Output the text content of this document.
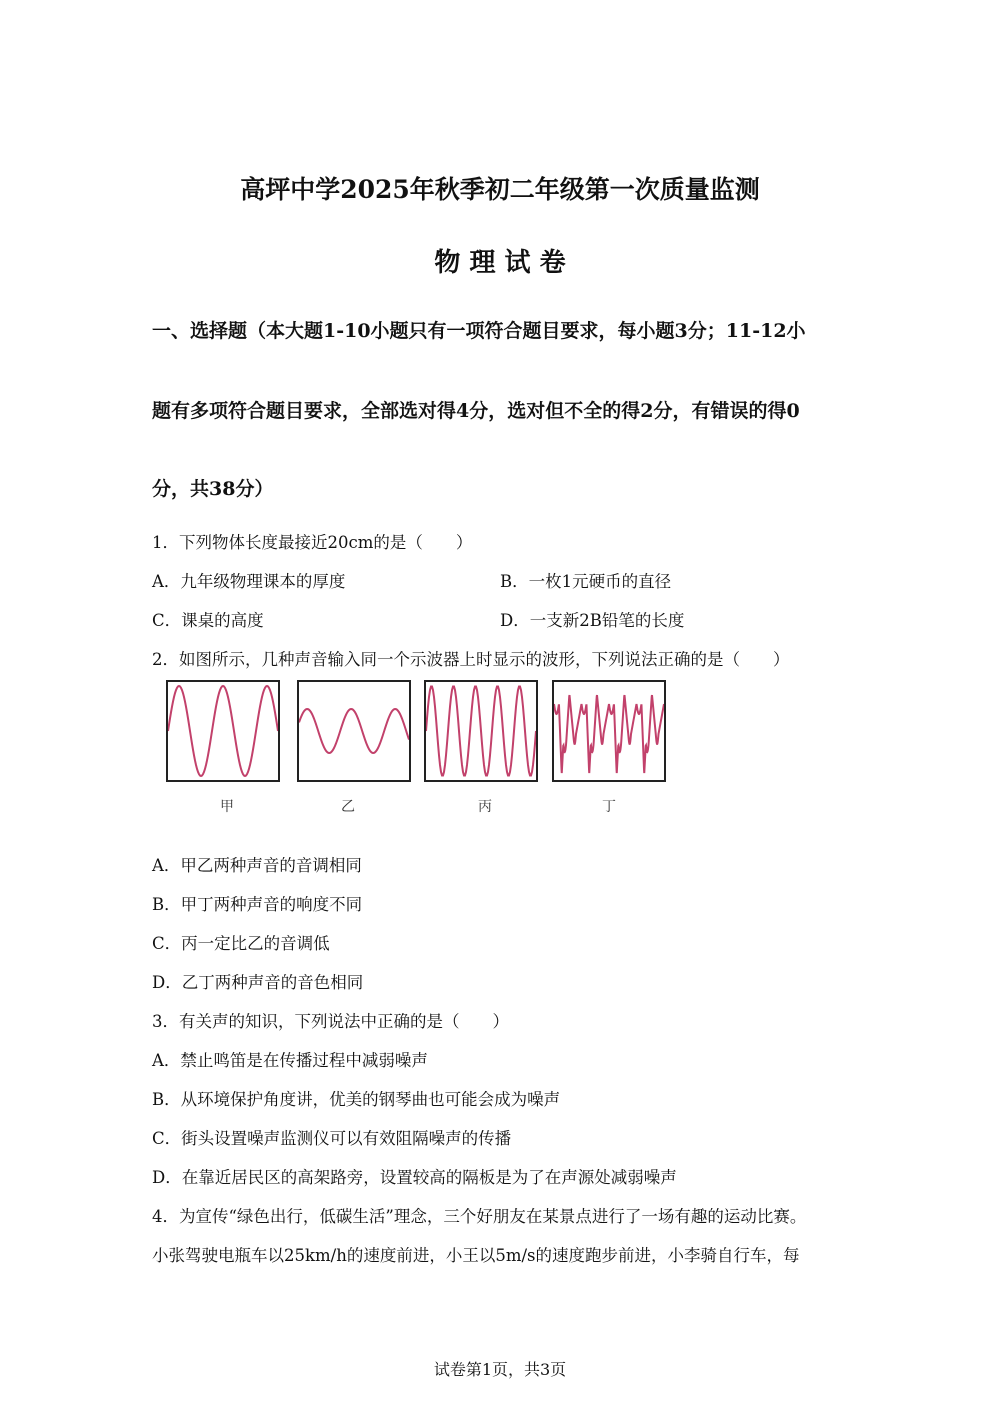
高坪中学2025年秋季初二年级第一次质量监测
物 理 试 卷
一、选择题（本大题1-10小题只有一项符合题目要求，每小题3分；11-12小
题有多项符合题目要求，全部选对得4分，选对但不全的得2分，有错误的得0
分，共38分）
1．下列物体长度最接近20cm的是（　　）
A．九年级物理课本的厚度	B．一枚1元硬币的直径
C．课桌的高度	D．一支新2B铅笔的长度
2．如图所示，几种声音输入同一个示波器上时显示的波形，下列说法正确的是（　　）
甲	乙	丙	丁
A．甲乙两种声音的音调相同
B．甲丁两种声音的响度不同
C．丙一定比乙的音调低
D．乙丁两种声音的音色相同
3．有关声的知识，下列说法中正确的是（　　）
A．禁止鸣笛是在传播过程中减弱噪声
B．从环境保护角度讲，优美的钢琴曲也可能会成为噪声
C．街头设置噪声监测仪可以有效阻隔噪声的传播
D．在靠近居民区的高架路旁，设置较高的隔板是为了在声源处减弱噪声
4．为宣传“绿色出行，低碳生活”理念，三个好朋友在某景点进行了一场有趣的运动比赛。
小张驾驶电瓶车以25km/h的速度前进，小王以5m/s的速度跑步前进，小李骑自行车，每
试卷第1页，共3页
